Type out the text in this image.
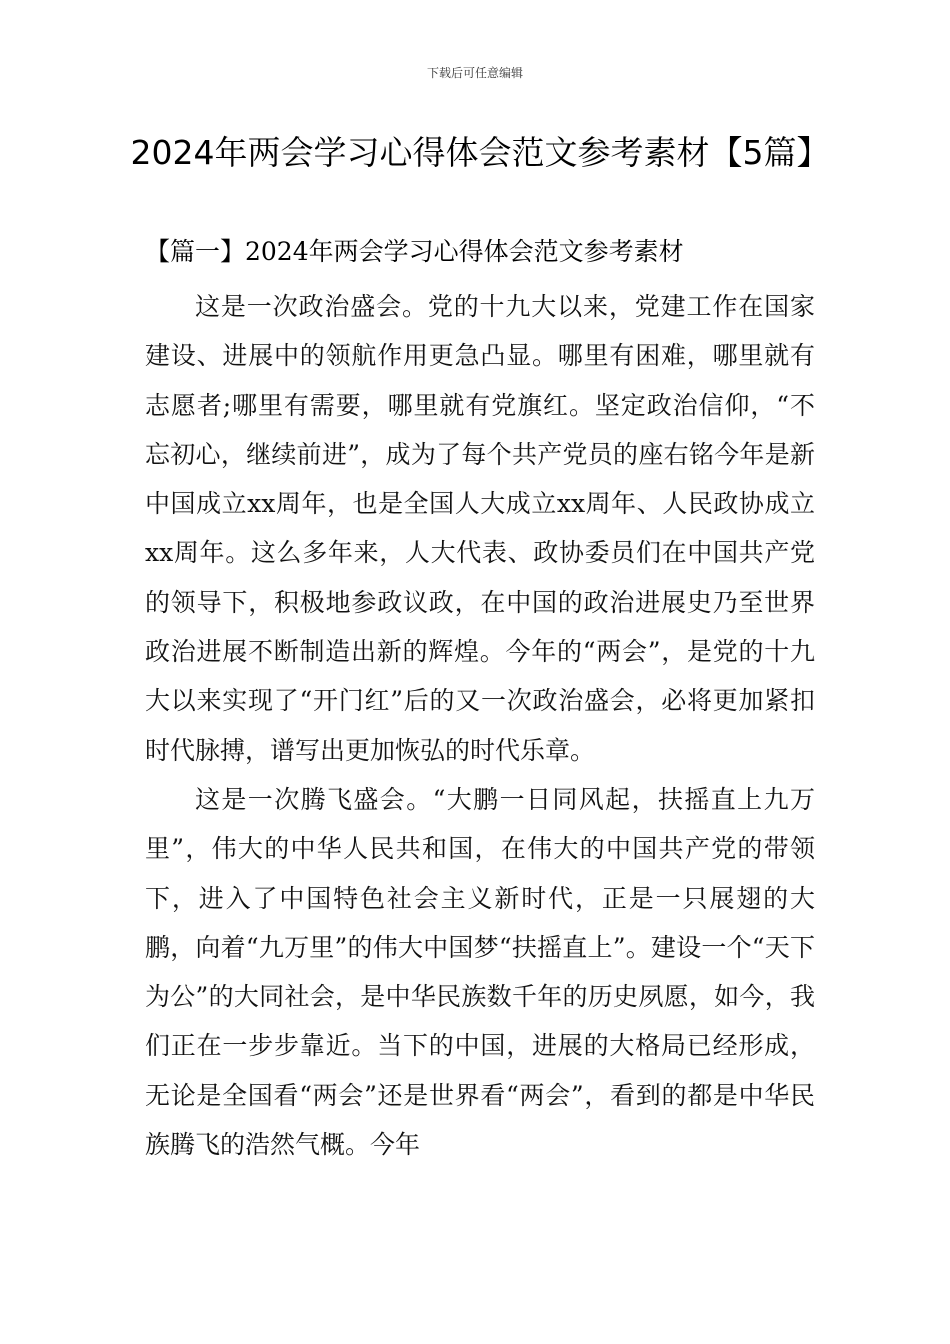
下载后可任意编辑
2024年两会学习心得体会范文参考素材【5篇】
【篇一】2024年两会学习心得体会范文参考素材

这是一次政治盛会。党的十九大以来，党建工作在国家建设、进展中的领航作用更急凸显。哪里有困难，哪里就有志愿者;哪里有需要，哪里就有党旗红。坚定政治信仰，“不忘初心，继续前进”，成为了每个共产党员的座右铭今年是新中国成立xx周年，也是全国人大成立xx周年、人民政协成立xx周年。这么多年来，人大代表、政协委员们在中国共产党的领导下，积极地参政议政，在中国的政治进展史乃至世界政治进展不断制造出新的辉煌。今年的“两会”，是党的十九大以来实现了“开门红”后的又一次政治盛会，必将更加紧扣时代脉搏，谱写出更加恢弘的时代乐章。

这是一次腾飞盛会。“大鹏一日同风起，扶摇直上九万里”，伟大的中华人民共和国，在伟大的中国共产党的带领下，进入了中国特色社会主义新时代，正是一只展翅的大鹏，向着“九万里”的伟大中国梦“扶摇直上”。建设一个“天下为公”的大同社会，是中华民族数千年的历史夙愿，如今，我们正在一步步靠近。当下的中国，进展的大格局已经形成，无论是全国看“两会”还是世界看“两会”，看到的都是中华民族腾飞的浩然气概。今年
